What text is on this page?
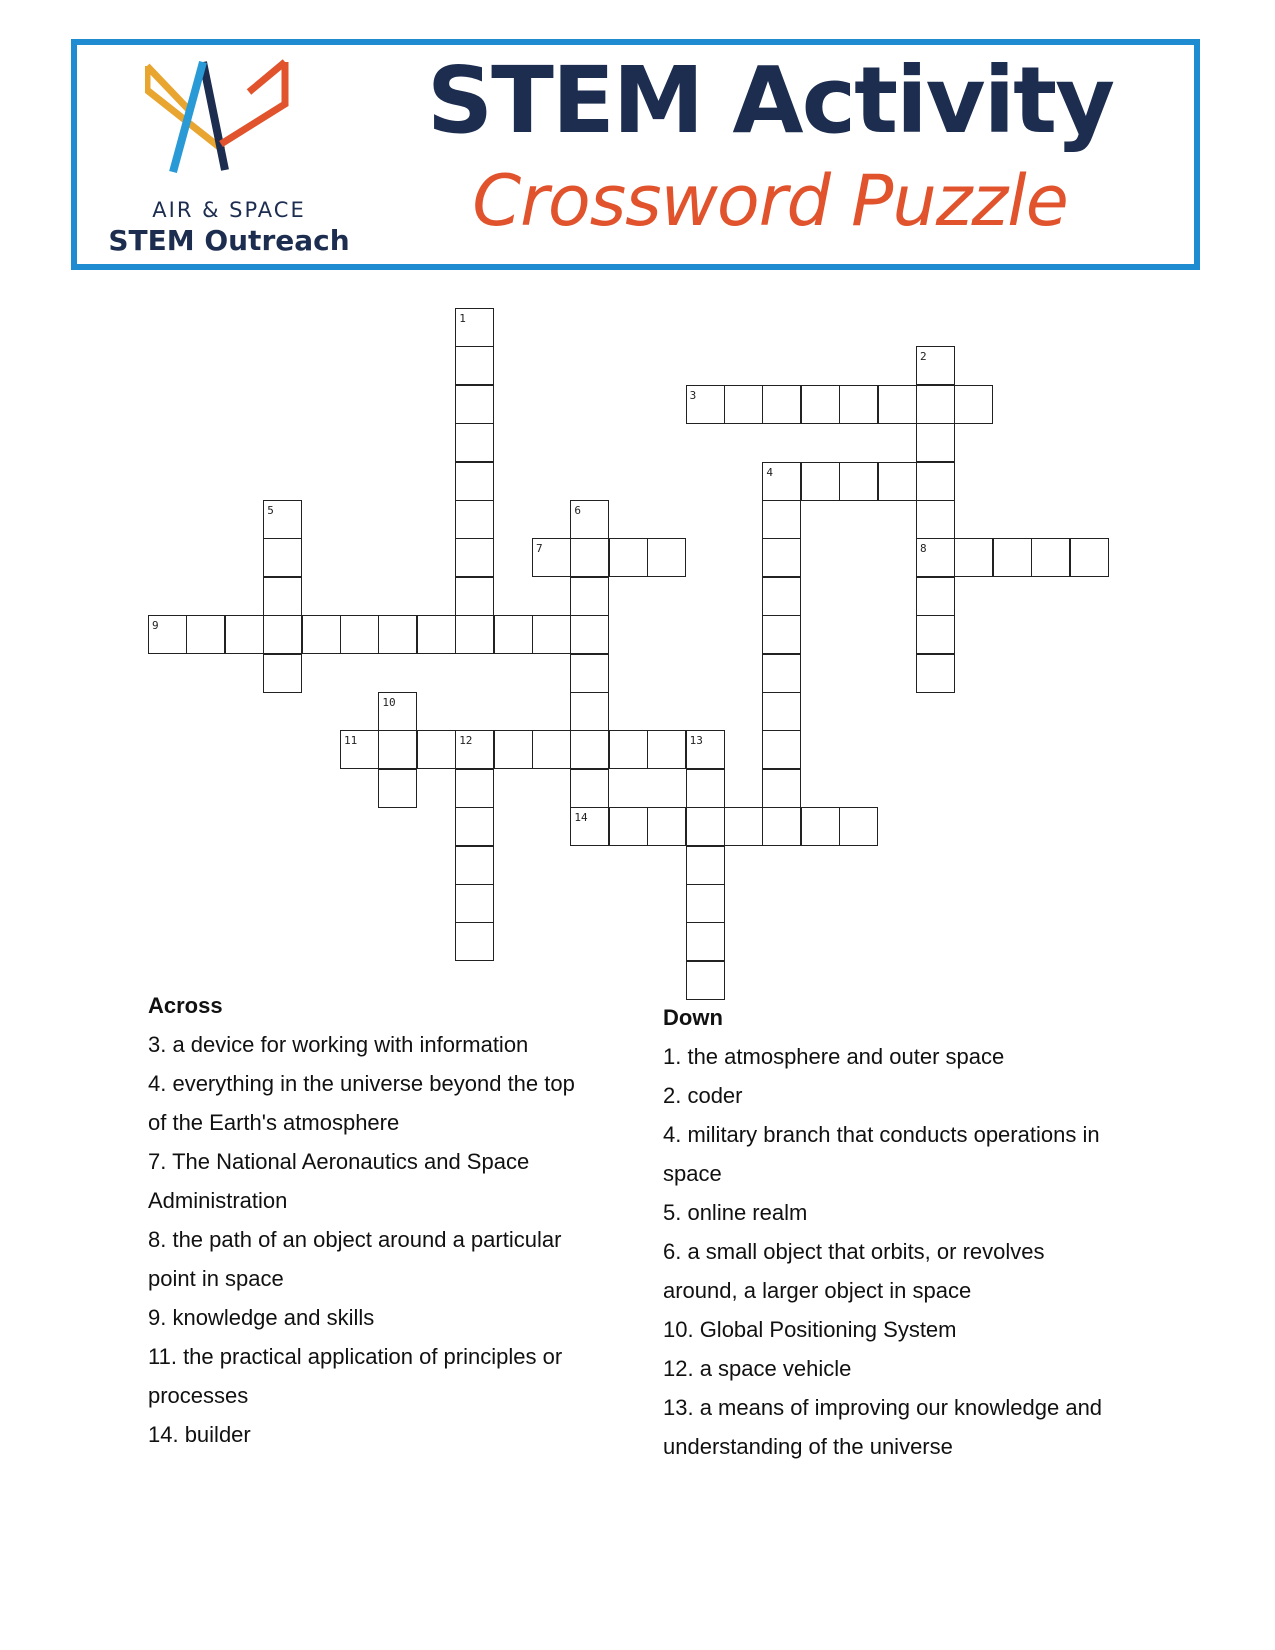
AIR & SPACE
STEM Outreach
STEM Activity
Crossword Puzzle
1
2
3
4
5	6
7	8
9
10
11	12	13
14
Across
3. a device for working with information
4. everything in the universe beyond the top of the Earth's atmosphere
7. The National Aeronautics and Space Administration
8. the path of an object around a particular point in space
9. knowledge and skills
11. the practical application of principles or processes
14. builder
Down
1. the atmosphere and outer space
2. coder
4. military branch that conducts operations in space
5. online realm
6. a small object that orbits, or revolves around, a larger object in space
10. Global Positioning System
12. a space vehicle
13. a means of improving our knowledge and understanding of the universe
